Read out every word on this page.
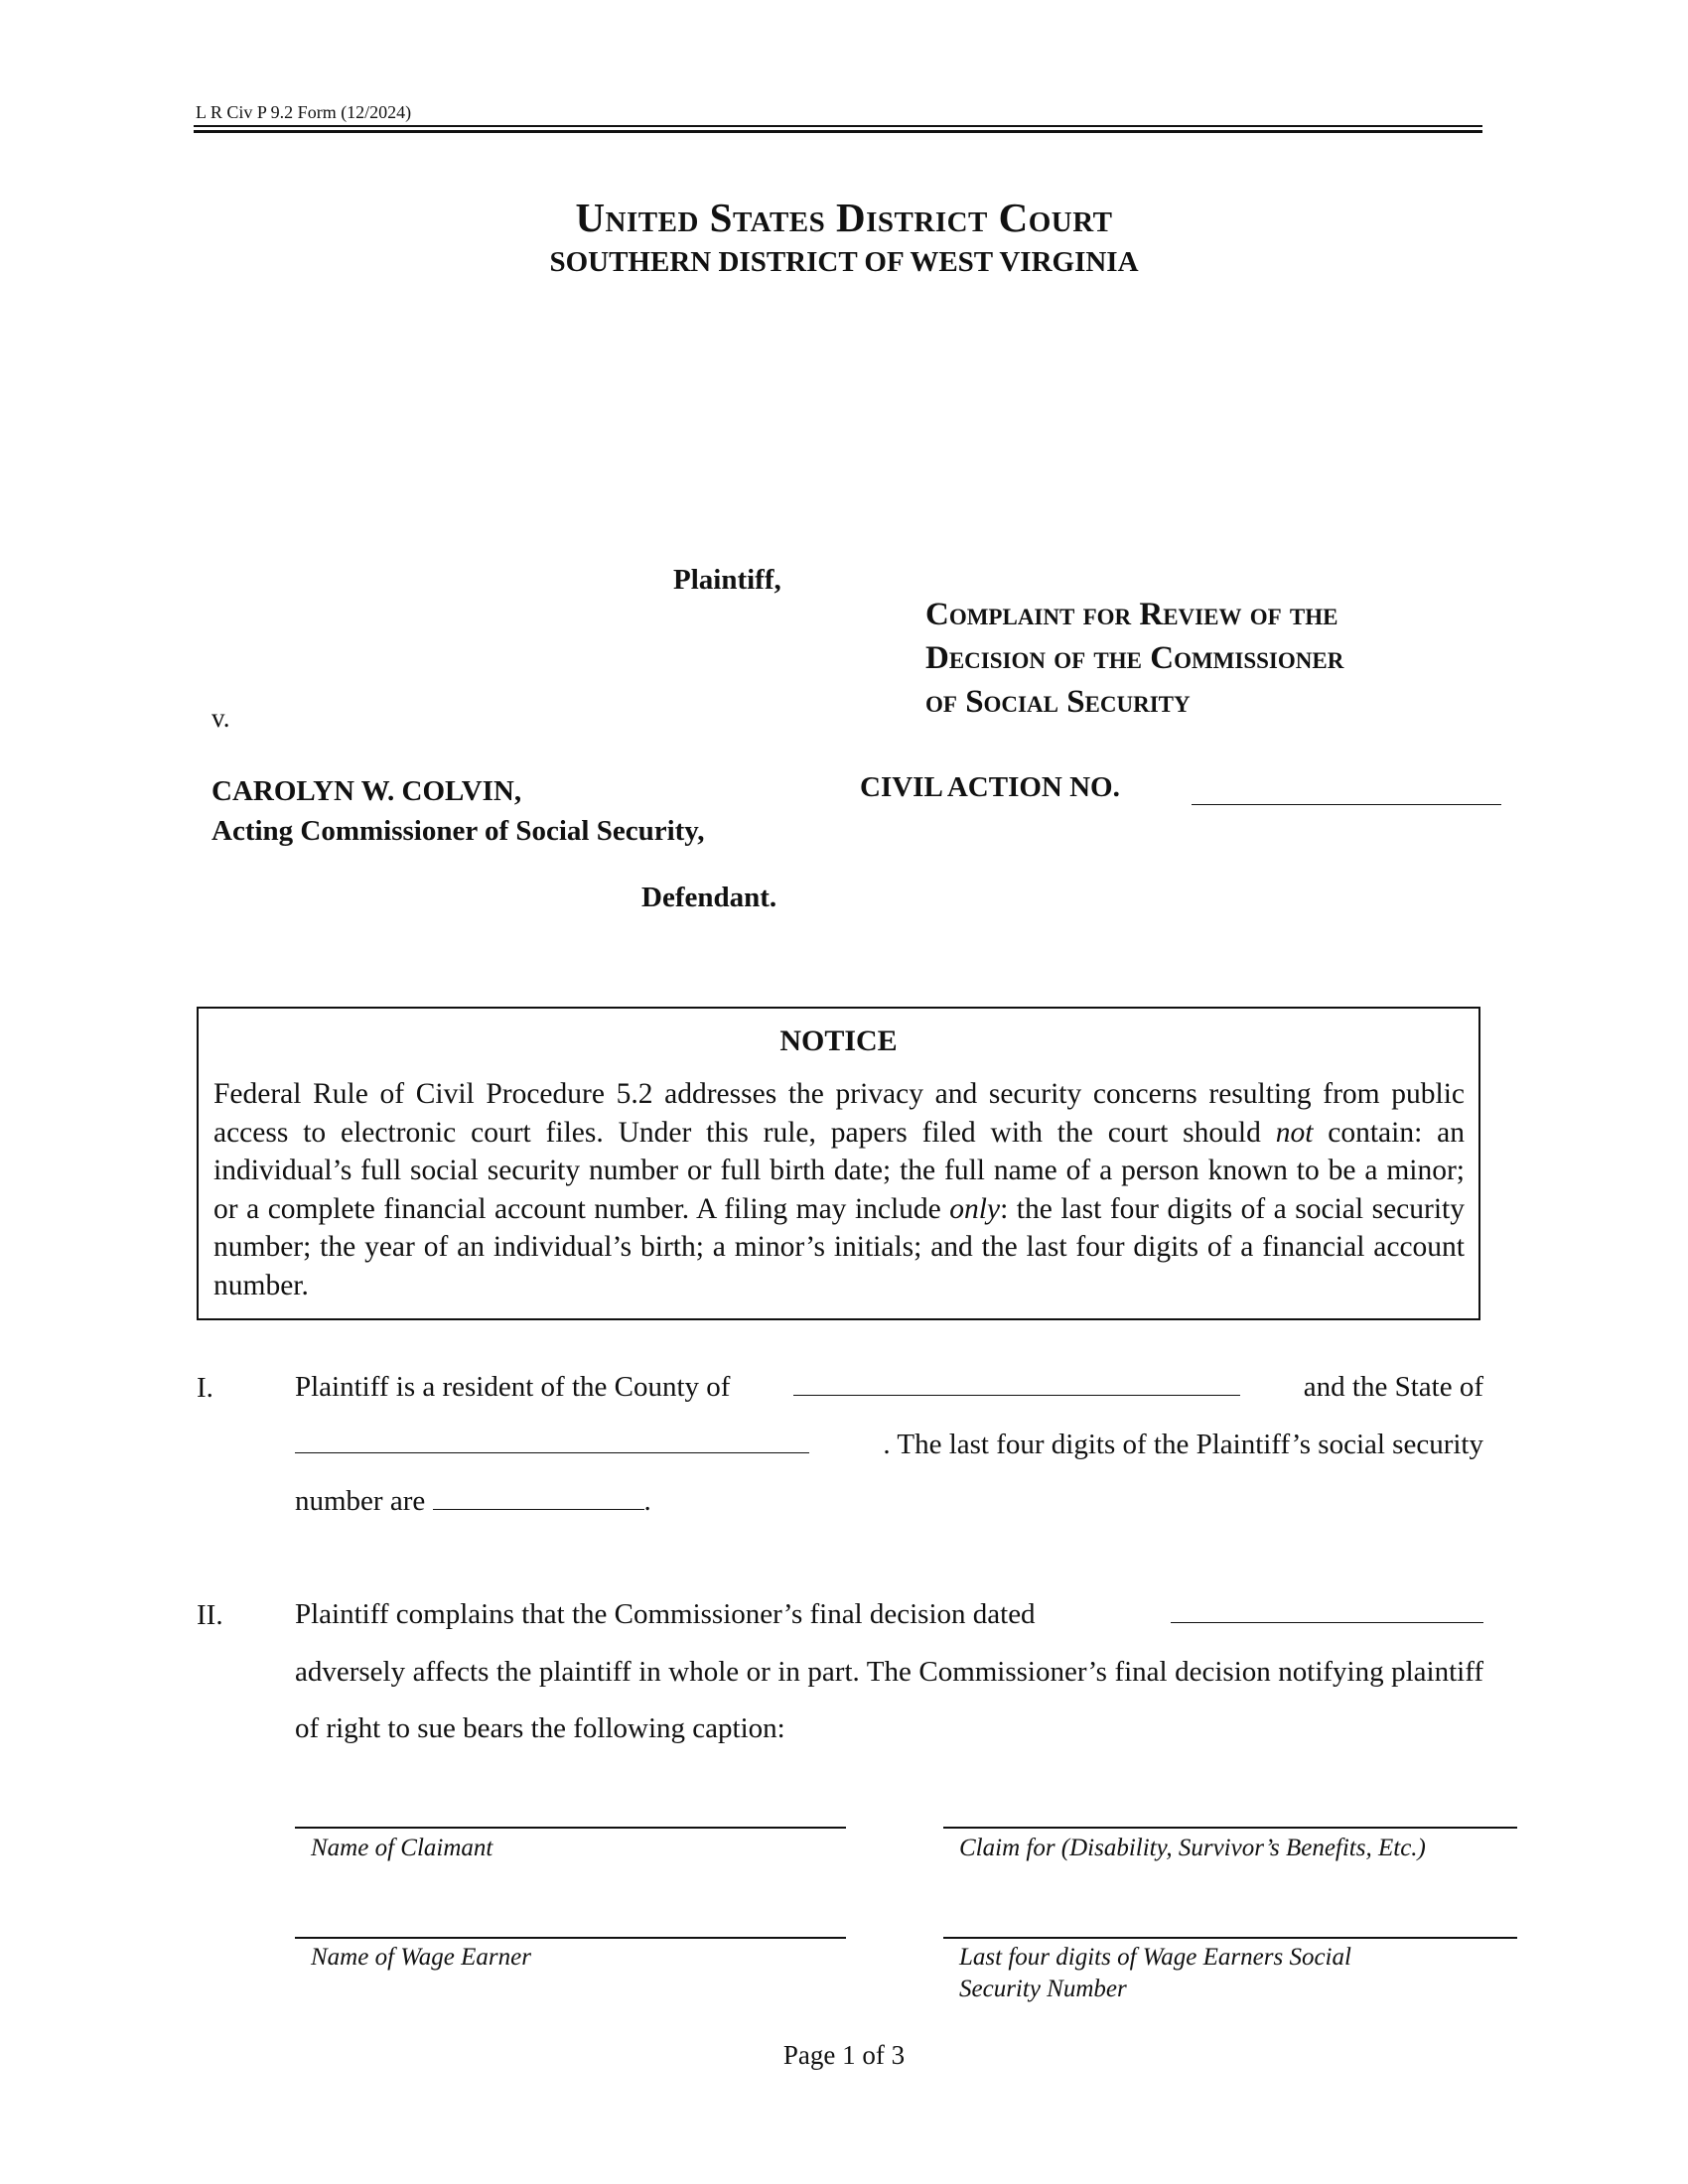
L R Civ P 9.2 Form (12/2024)
United States District Court
SOUTHERN DISTRICT OF WEST VIRGINIA
Plaintiff,
Complaint for Review of the
Decision of the Commissioner
of Social Security
v.
CAROLYN W. COLVIN,
Acting Commissioner of Social Security,
CIVIL ACTION NO.
Defendant.
NOTICE
Federal Rule of Civil Procedure 5.2 addresses the privacy and security concerns resulting from public access to electronic court files. Under this rule, papers filed with the court should not contain: an individual’s full social security number or full birth date; the full name of a person known to be a minor; or a complete financial account number. A filing may include only: the last four digits of a social security number; the year of an individual’s birth; a minor’s initials; and the last four digits of a financial account number.
I.	Plaintiff is a resident of the County of	and the State of
. The last four digits of the Plaintiff’s social security
number are	.
II. Plaintiff complains that the Commissioner’s final decision dated
adversely affects the plaintiff in whole or in part. The Commissioner’s final decision notifying plaintiff of right to sue bears the following caption:
Name of Claimant	Claim for (Disability, Survivor’s Benefits, Etc.)
Name of Wage Earner	Last four digits of Wage Earners Social Security Number
Page 1 of 3
